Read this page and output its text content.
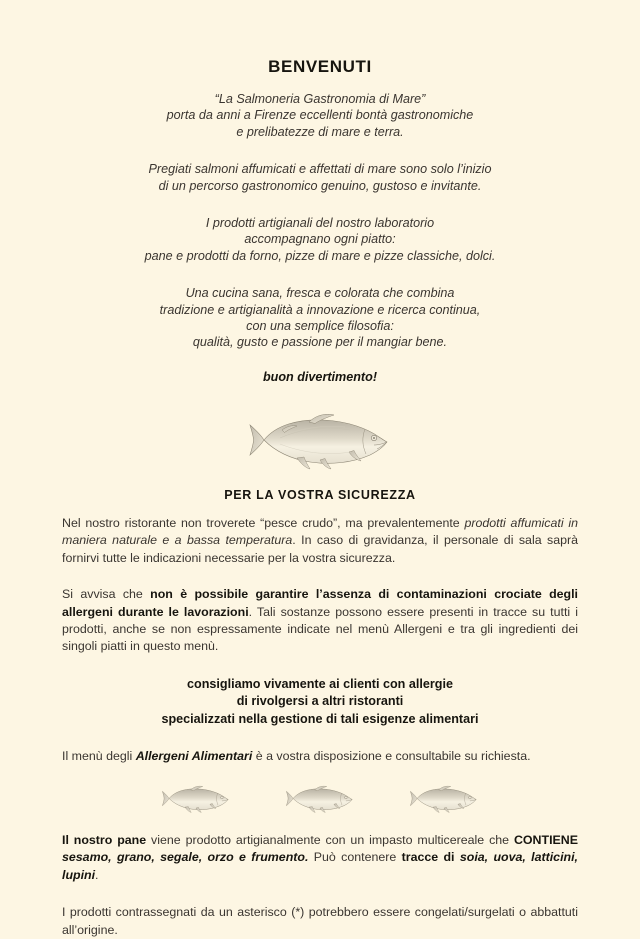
BENVENUTI

“La Salmoneria Gastronomia di Mare”
porta da anni a Firenze eccellenti bontà gastronomiche
e prelibatezze di mare e terra.

Pregiati salmoni affumicati e affettati di mare sono solo l’inizio
di un percorso gastronomico genuino, gustoso e invitante.

I prodotti artigianali del nostro laboratorio
accompagnano ogni piatto:
pane e prodotti da forno, pizze di mare e pizze classiche, dolci.

Una cucina sana, fresca e colorata che combina
tradizione e artigianalità a innovazione e ricerca continua,
con una semplice filosofia:
qualità, gusto e passione per il mangiar bene.

buon divertimento!

PER LA VOSTRA SICUREZZA

Nel nostro ristorante non troverete “pesce crudo”, ma prevalentemente prodotti affumicati in maniera naturale e a bassa temperatura. In caso di gravidanza, il personale di sala saprà fornirvi tutte le indicazioni necessarie per la vostra sicurezza.

Si avvisa che non è possibile garantire l’assenza di contaminazioni crociate degli allergeni durante le lavorazioni. Tali sostanze possono essere presenti in tracce su tutti i prodotti, anche se non espressamente indicate nel menù Allergeni e tra gli ingredienti dei singoli piatti in questo menù.

consigliamo vivamente ai clienti con allergie
di rivolgersi a altri ristoranti
specializzati nella gestione di tali esigenze alimentari

Il menù degli Allergeni Alimentari è a vostra disposizione e consultabile su richiesta.

Il nostro pane viene prodotto artigianalmente con un impasto multicereale che CONTIENE sesamo, grano, segale, orzo e frumento. Può contenere tracce di soia, uova, latticini, lupini.

I prodotti contrassegnati da un asterisco (*) potrebbero essere congelati/surgelati o abbattuti all’origine.
